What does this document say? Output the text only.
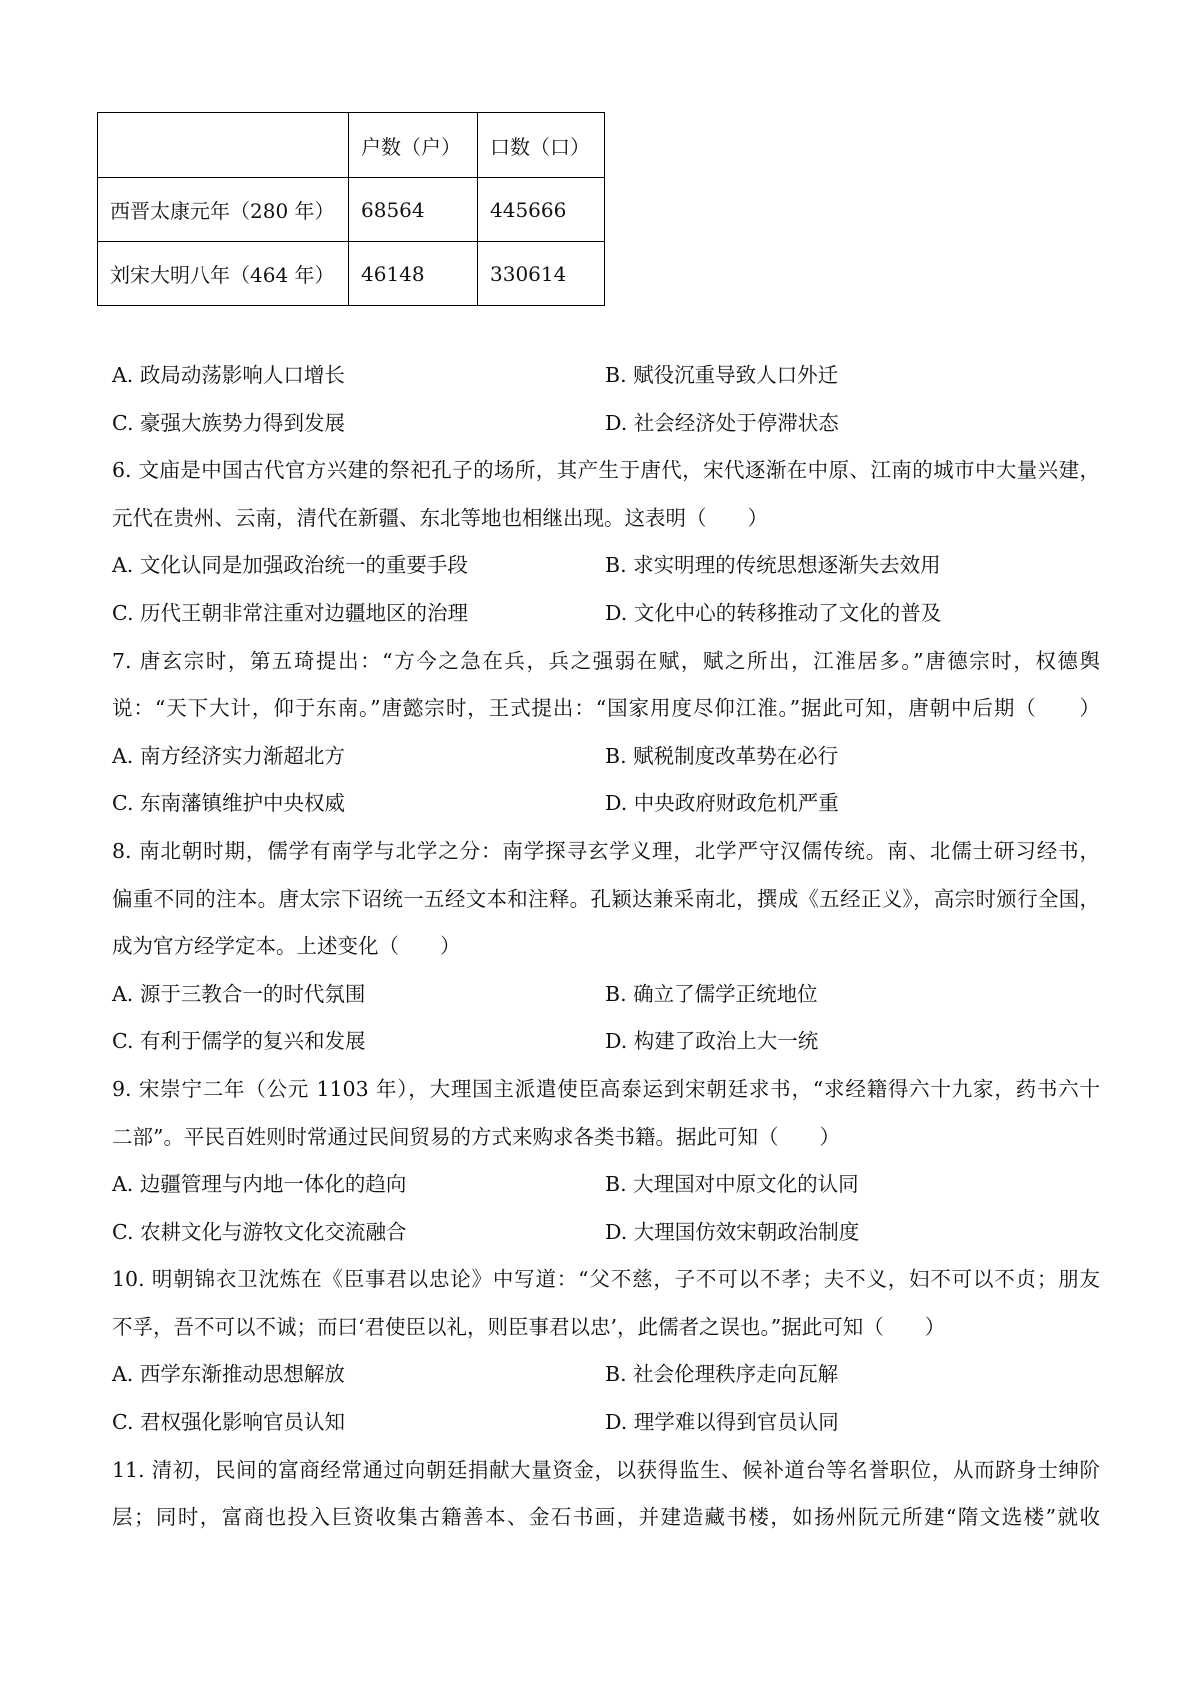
	户数（户）	口数（口）
西晋太康元年（280 年）	68564	445666
刘宋大明八年（464 年）	46148	330614
A. 政局动荡影响人口增长	B. 赋役沉重导致人口外迁
C. 豪强大族势力得到发展	D. 社会经济处于停滞状态
6. 文庙是中国古代官方兴建的祭祀孔子的场所，其产生于唐代，宋代逐渐在中原、江南的城市中大量兴建，
元代在贵州、云南，清代在新疆、东北等地也相继出现。这表明（　　）
A. 文化认同是加强政治统一的重要手段	B. 求实明理的传统思想逐渐失去效用
C. 历代王朝非常注重对边疆地区的治理	D. 文化中心的转移推动了文化的普及
7. 唐玄宗时，第五琦提出：“方今之急在兵，兵之强弱在赋，赋之所出，江淮居多。”唐德宗时，权德舆
说：“天下大计，仰于东南。”唐懿宗时，王式提出：“国家用度尽仰江淮。”据此可知，唐朝中后期（　　）
A. 南方经济实力渐超北方	B. 赋税制度改革势在必行
C. 东南藩镇维护中央权威	D. 中央政府财政危机严重
8. 南北朝时期，儒学有南学与北学之分：南学探寻玄学义理，北学严守汉儒传统。南、北儒士研习经书，
偏重不同的注本。唐太宗下诏统一五经文本和注释。孔颖达兼采南北，撰成《五经正义》，高宗时颁行全国，
成为官方经学定本。上述变化（　　）
A. 源于三教合一的时代氛围	B. 确立了儒学正统地位
C. 有利于儒学的复兴和发展	D. 构建了政治上大一统
9. 宋崇宁二年（公元 1103 年），大理国主派遣使臣高泰运到宋朝廷求书，“求经籍得六十九家，药书六十
二部”。平民百姓则时常通过民间贸易的方式来购求各类书籍。据此可知（　　）
A. 边疆管理与内地一体化的趋向	B. 大理国对中原文化的认同
C. 农耕文化与游牧文化交流融合	D. 大理国仿效宋朝政治制度
10. 明朝锦衣卫沈炼在《臣事君以忠论》中写道：“父不慈，子不可以不孝；夫不义，妇不可以不贞；朋友
不孚，吾不可以不诚；而曰‘君使臣以礼，则臣事君以忠’，此儒者之误也。”据此可知（　　）
A. 西学东渐推动思想解放	B. 社会伦理秩序走向瓦解
C. 君权强化影响官员认知	D. 理学难以得到官员认同
11. 清初，民间的富商经常通过向朝廷捐献大量资金，以获得监生、候补道台等名誉职位，从而跻身士绅阶
层；同时，富商也投入巨资收集古籍善本、金石书画，并建造藏书楼，如扬州阮元所建“隋文选楼”就收
